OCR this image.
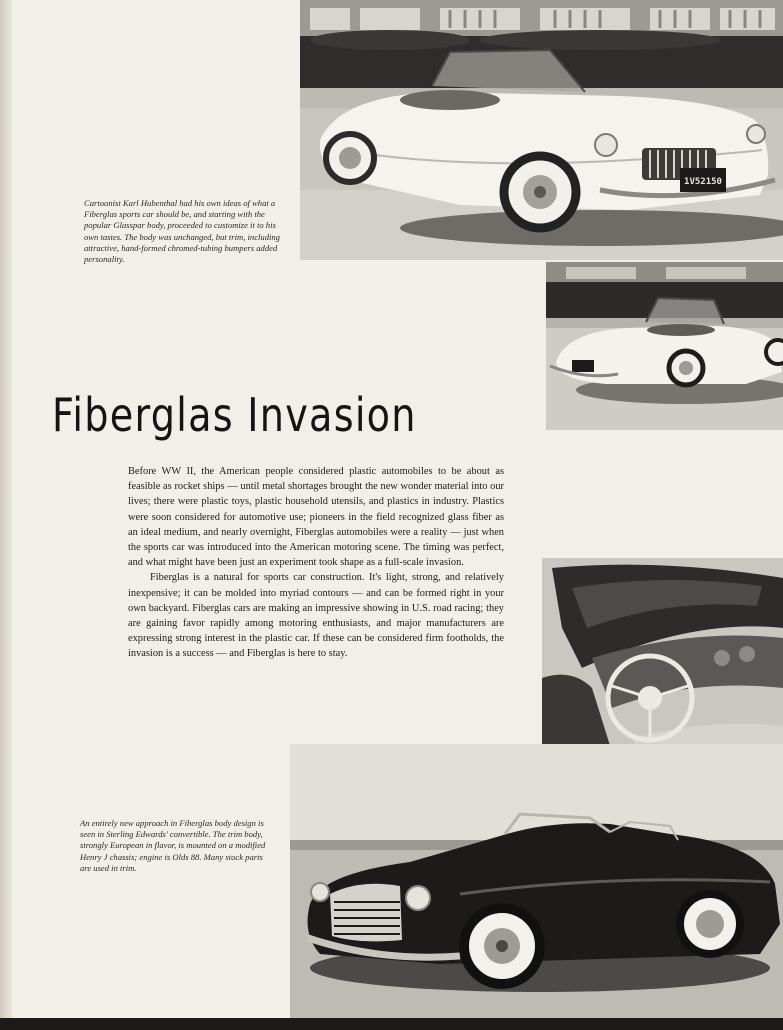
1V52150

Cartoonist Karl Hubenthal had his own ideas of what a Fiberglas sports car should be, and starting with the popular Glasspar body, proceeded to customize it to his own tastes. The body was unchanged, but trim, including attractive, hand-formed chromed-tubing bumpers added personality.

Fiberglas Invasion

Before WW II, the American people considered plastic automobiles to be about as feasible as rocket ships — until metal shortages brought the new wonder material into our lives; there were plastic toys, plastic household utensils, and plastics in industry. Plastics were soon considered for automotive use; pioneers in the field recognized glass fiber as an ideal medium, and nearly overnight, Fiberglas automobiles were a reality — just when the sports car was introduced into the American motoring scene. The timing was perfect, and what might have been just an experiment took shape as a full-scale invasion.

Fiberglas is a natural for sports car construction. It's light, strong, and relatively inexpensive; it can be molded into myriad contours — and can be formed right in your own backyard. Fiberglas cars are making an impressive showing in U.S. road racing; they are gaining favor rapidly among motoring enthusiasts, and major manufacturers are expressing strong interest in the plastic car. If these can be considered firm footholds, the invasion is a success — and Fiberglas is here to stay.

An entirely new approach in Fiberglas body design is seen in Sterling Edwards' convertible. The trim body, strongly European in flavor, is mounted on a modified Henry J chassis; engine is Olds 88. Many stock parts are used in trim.
